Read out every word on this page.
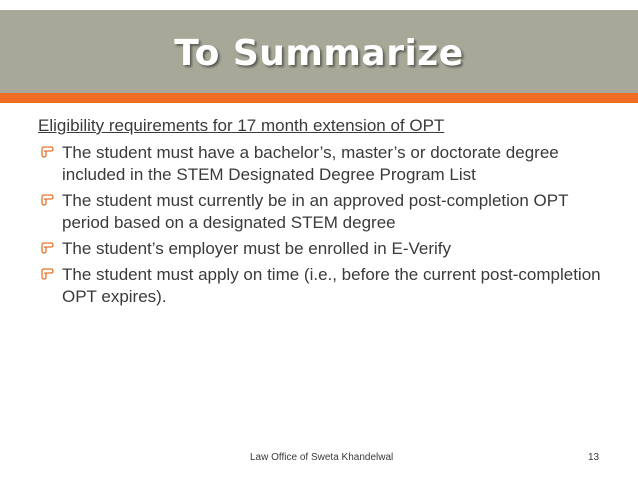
To Summarize
Eligibility requirements for 17 month extension of OPT
The student must have a bachelor’s, master’s or doctorate degree included in the STEM Designated Degree Program List
The student must currently be in an approved post-completion OPT period based on a designated STEM degree
The student’s employer must be enrolled in E-Verify
The student must apply on time (i.e., before the current post-completion OPT expires).
Law Office of Sweta Khandelwal	13
